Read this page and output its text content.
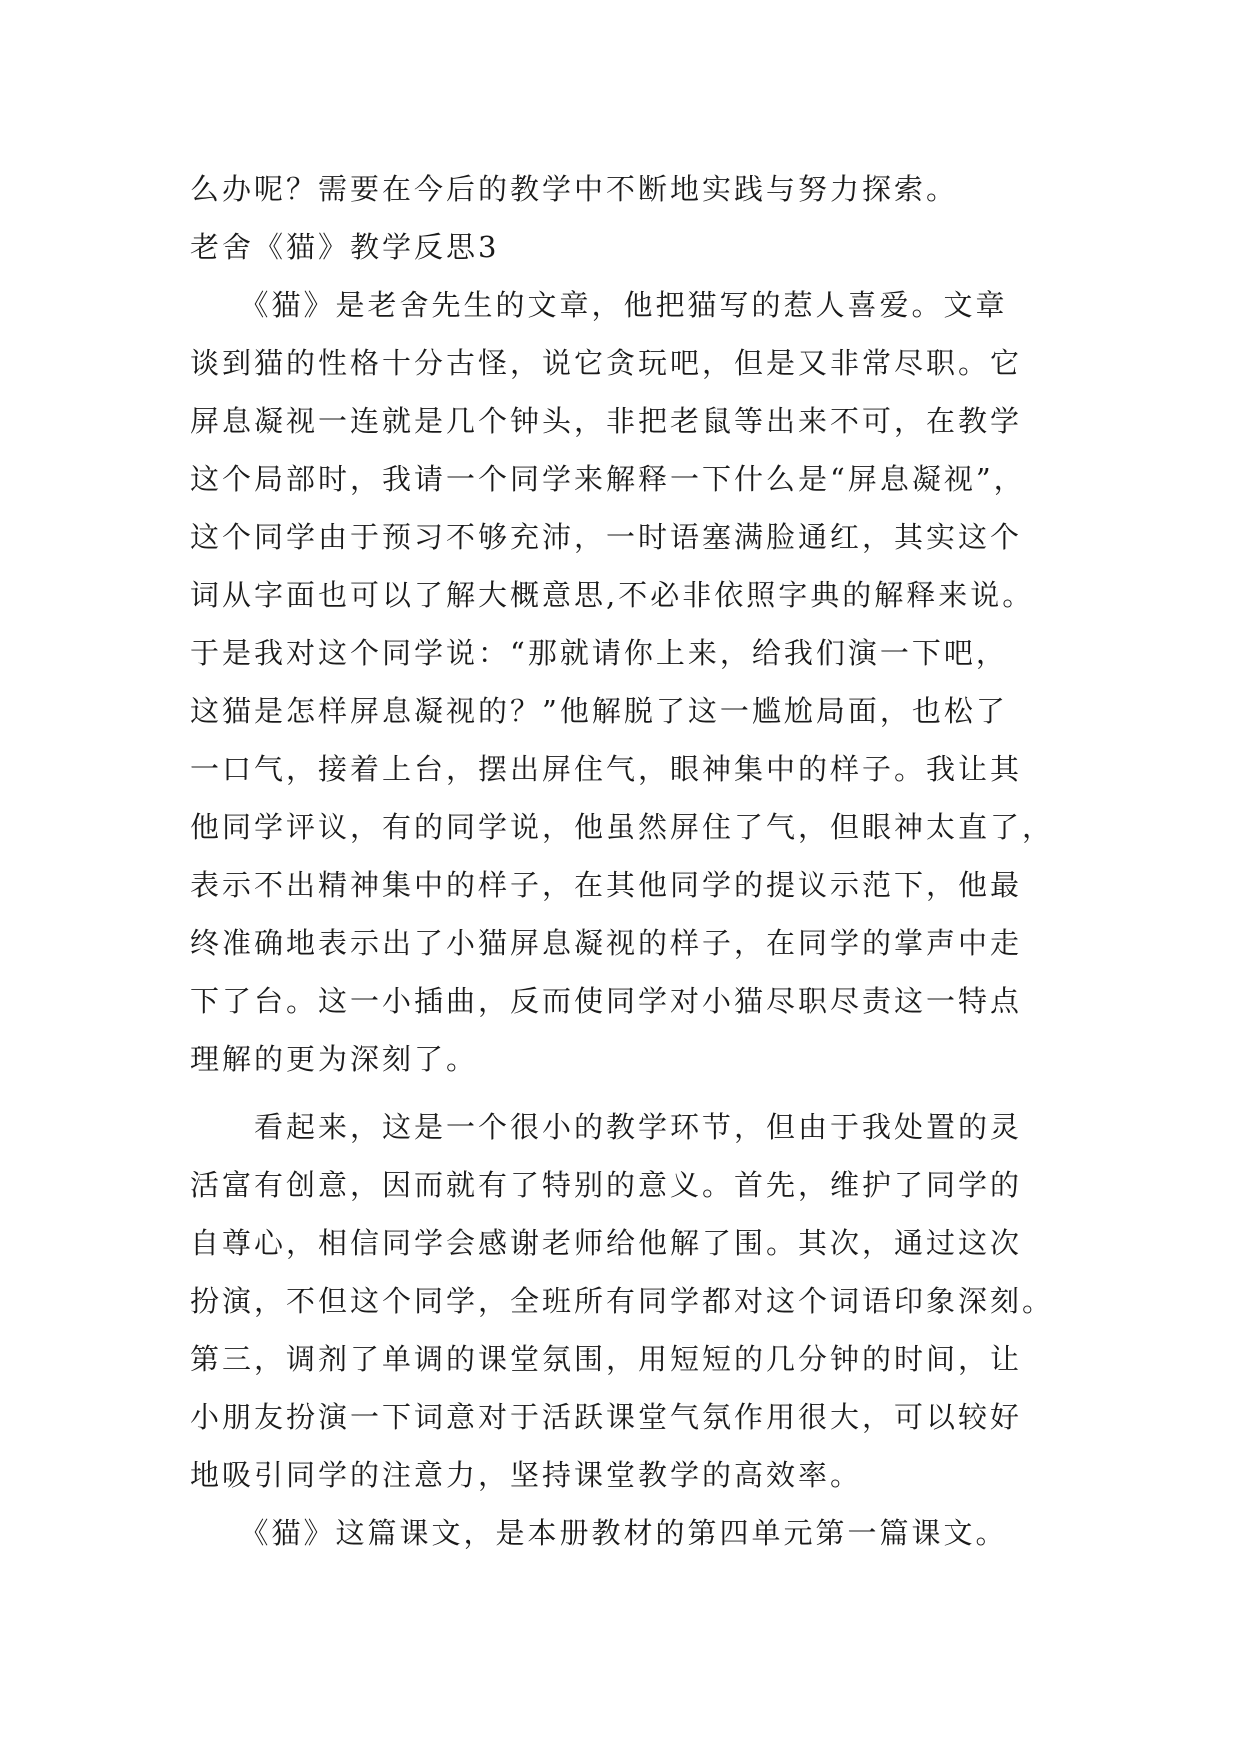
么办呢？需要在今后的教学中不断地实践与努力探索。
老舍《猫》教学反思3
　　《猫》是老舍先生的文章，他把猫写的惹人喜爱。文章
谈到猫的性格十分古怪，说它贪玩吧，但是又非常尽职。它
屏息凝视一连就是几个钟头，非把老鼠等出来不可，在教学
这个局部时，我请一个同学来解释一下什么是“屏息凝视”，
这个同学由于预习不够充沛，一时语塞满脸通红，其实这个
词从字面也可以了解大概意思,不必非依照字典的解释来说。
于是我对这个同学说：“那就请你上来，给我们演一下吧，
这猫是怎样屏息凝视的？”他解脱了这一尴尬局面，也松了
一口气，接着上台，摆出屏住气，眼神集中的样子。我让其
他同学评议，有的同学说，他虽然屏住了气，但眼神太直了，
表示不出精神集中的样子，在其他同学的提议示范下，他最
终准确地表示出了小猫屏息凝视的样子，在同学的掌声中走
下了台。这一小插曲，反而使同学对小猫尽职尽责这一特点
理解的更为深刻了。
　　看起来，这是一个很小的教学环节，但由于我处置的灵
活富有创意，因而就有了特别的意义。首先，维护了同学的
自尊心，相信同学会感谢老师给他解了围。其次，通过这次
扮演，不但这个同学，全班所有同学都对这个词语印象深刻。
第三，调剂了单调的课堂氛围，用短短的几分钟的时间，让
小朋友扮演一下词意对于活跃课堂气氛作用很大，可以较好
地吸引同学的注意力，坚持课堂教学的高效率。
　　《猫》这篇课文，是本册教材的第四单元第一篇课文。
